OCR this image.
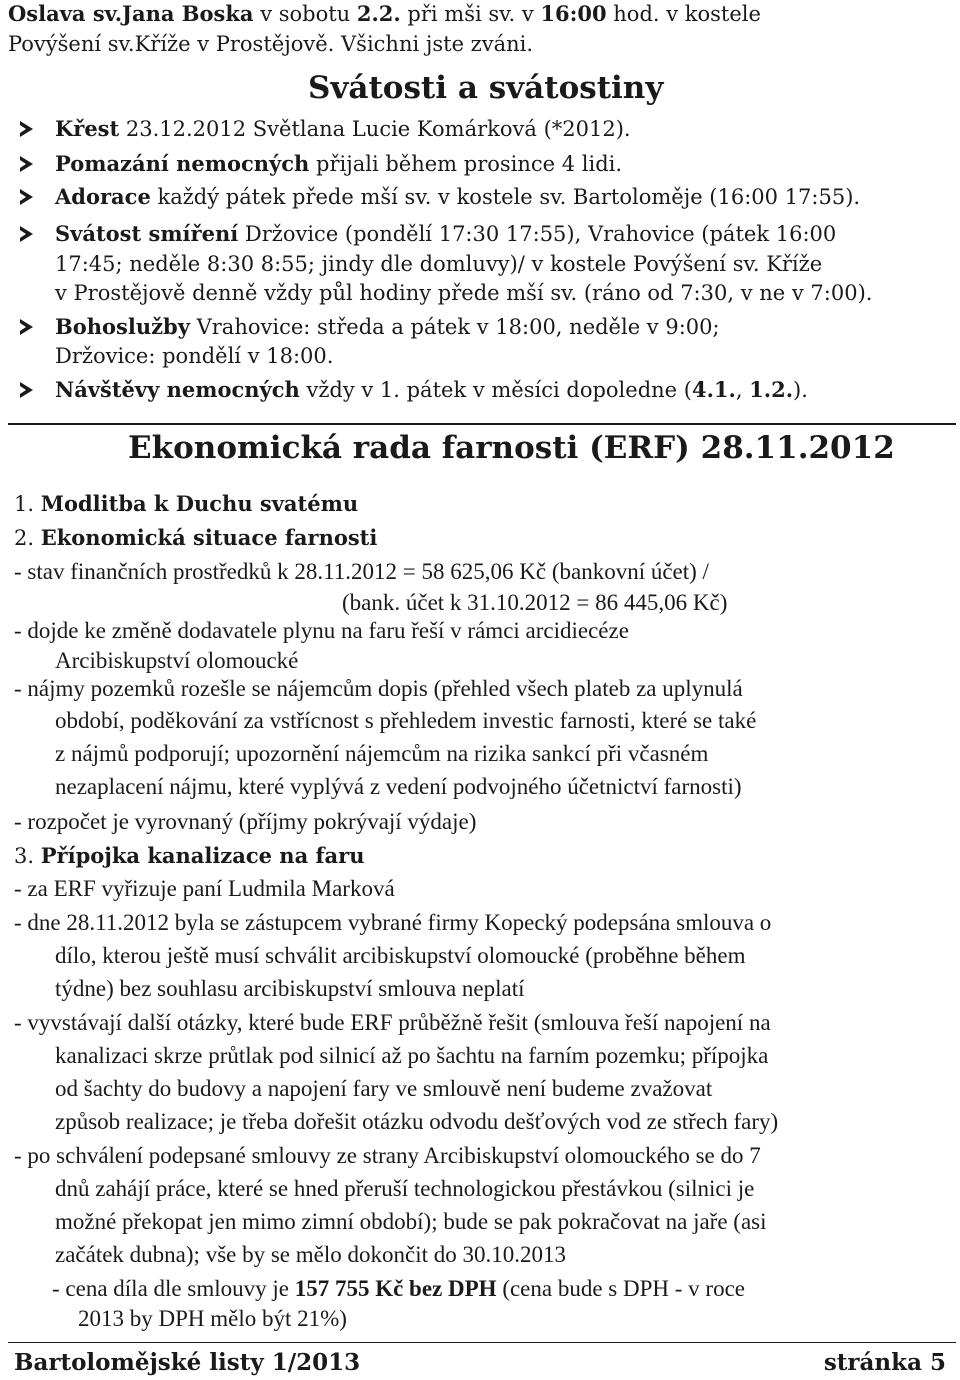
Oslava sv.Jana Boska v sobotu 2.2. při mši sv. v 16:00 hod. v kostele
Povýšení sv.Kříže v Prostějově. Všichni jste zváni.
Svátosti a svátostiny
Křest 23.12.2012 Světlana Lucie Komárková (*2012).
Pomazání nemocných přijali během prosince 4 lidi.
Adorace každý pátek přede mší sv. v kostele sv. Bartoloměje (16:00 17:55).
Svátost smíření Držovice (pondělí 17:30 17:55), Vrahovice (pátek 16:00
17:45; neděle 8:30 8:55; jindy dle domluvy)/ v kostele Povýšení sv. Kříže
v Prostějově denně vždy půl hodiny přede mší sv. (ráno od 7:30, v ne v 7:00).
Bohoslužby Vrahovice: středa a pátek v 18:00, neděle v 9:00;
Držovice: pondělí v 18:00.
Návštěvy nemocných vždy v 1. pátek v měsíci dopoledne (4.1., 1.2.).
Ekonomická rada farnosti (ERF) 28.11.2012
1. Modlitba k Duchu svatému
2. Ekonomická situace farnosti
- stav finančních prostředků k 28.11.2012 = 58 625,06 Kč (bankovní účet) /
(bank. účet k 31.10.2012 = 86 445,06 Kč)
- dojde ke změně dodavatele plynu na faru řeší v rámci arcidiecéze
Arcibiskupství olomoucké
- nájmy pozemků rozešle se nájemcům dopis (přehled všech plateb za uplynulá
období, poděkování za vstřícnost s přehledem investic farnosti, které se také
z nájmů podporují; upozornění nájemcům na rizika sankcí při včasném
nezaplacení nájmu, které vyplývá z vedení podvojného účetnictví farnosti)
- rozpočet je vyrovnaný (příjmy pokrývají výdaje)
3. Přípojka kanalizace na faru
- za ERF vyřizuje paní Ludmila Marková
- dne 28.11.2012 byla se zástupcem vybrané firmy Kopecký podepsána smlouva o
dílo, kterou ještě musí schválit arcibiskupství olomoucké (proběhne během
týdne) bez souhlasu arcibiskupství smlouva neplatí
- vyvstávají další otázky, které bude ERF průběžně řešit (smlouva řeší napojení na
kanalizaci skrze průtlak pod silnicí až po šachtu na farním pozemku; přípojka
od šachty do budovy a napojení fary ve smlouvě není budeme zvažovat
způsob realizace; je třeba dořešit otázku odvodu dešťových vod ze střech fary)
- po schválení podepsané smlouvy ze strany Arcibiskupství olomouckého se do 7
dnů zahájí práce, které se hned přeruší technologickou přestávkou (silnici je
možné překopat jen mimo zimní období); bude se pak pokračovat na jaře (asi
začátek dubna); vše by se mělo dokončit do 30.10.2013
- cena díla dle smlouvy je 157 755 Kč bez DPH (cena bude s DPH - v roce
2013 by DPH mělo být 21%)
Bartolomějské listy 1/2013	stránka 5
